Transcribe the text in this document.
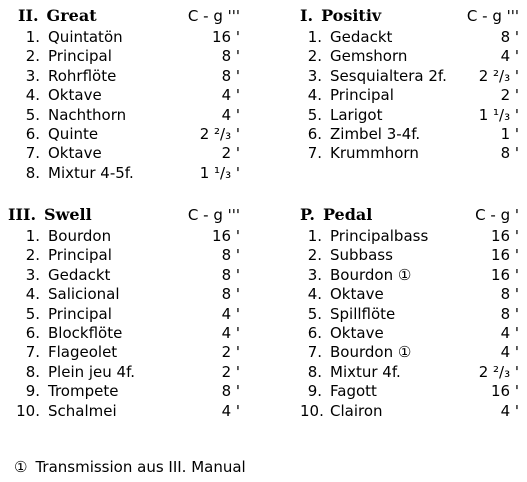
II. Great	C - g '''
1. Quintatön	16 '
2. Principal	8 '
3. Rohrflöte	8 '
4. Oktave	4 '
5. Nachthorn	4 '
6. Quinte	2 ²/₃ '
7. Oktave	2 '
8. Mixtur 4-5f.	1 ¹/₃ '
I. Positiv	C - g '''
1. Gedackt	8 '
2. Gemshorn	4 '
3. Sesquialtera 2f.	2 ²/₃ '
4. Principal	2 '
5. Larigot	1 ¹/₃ '
6. Zimbel 3-4f.	1 '
7. Krummhorn	8 '
III. Swell	C - g '''
1. Bourdon	16 '
2. Principal	8 '
3. Gedackt	8 '
4. Salicional	8 '
5. Principal	4 '
6. Blockflöte	4 '
7. Flageolet	2 '
8. Plein jeu 4f.	2 '
9. Trompete	8 '
10. Schalmei	4 '
P. Pedal	C - g '
1. Principalbass	16 '
2. Subbass	16 '
3. Bourdon ①	16 '
4. Oktave	8 '
5. Spillflöte	8 '
6. Oktave	4 '
7. Bourdon ①	4 '
8. Mixtur 4f.	2 ²/₃ '
9. Fagott	16 '
10. Clairon	4 '
① Transmission aus III. Manual
